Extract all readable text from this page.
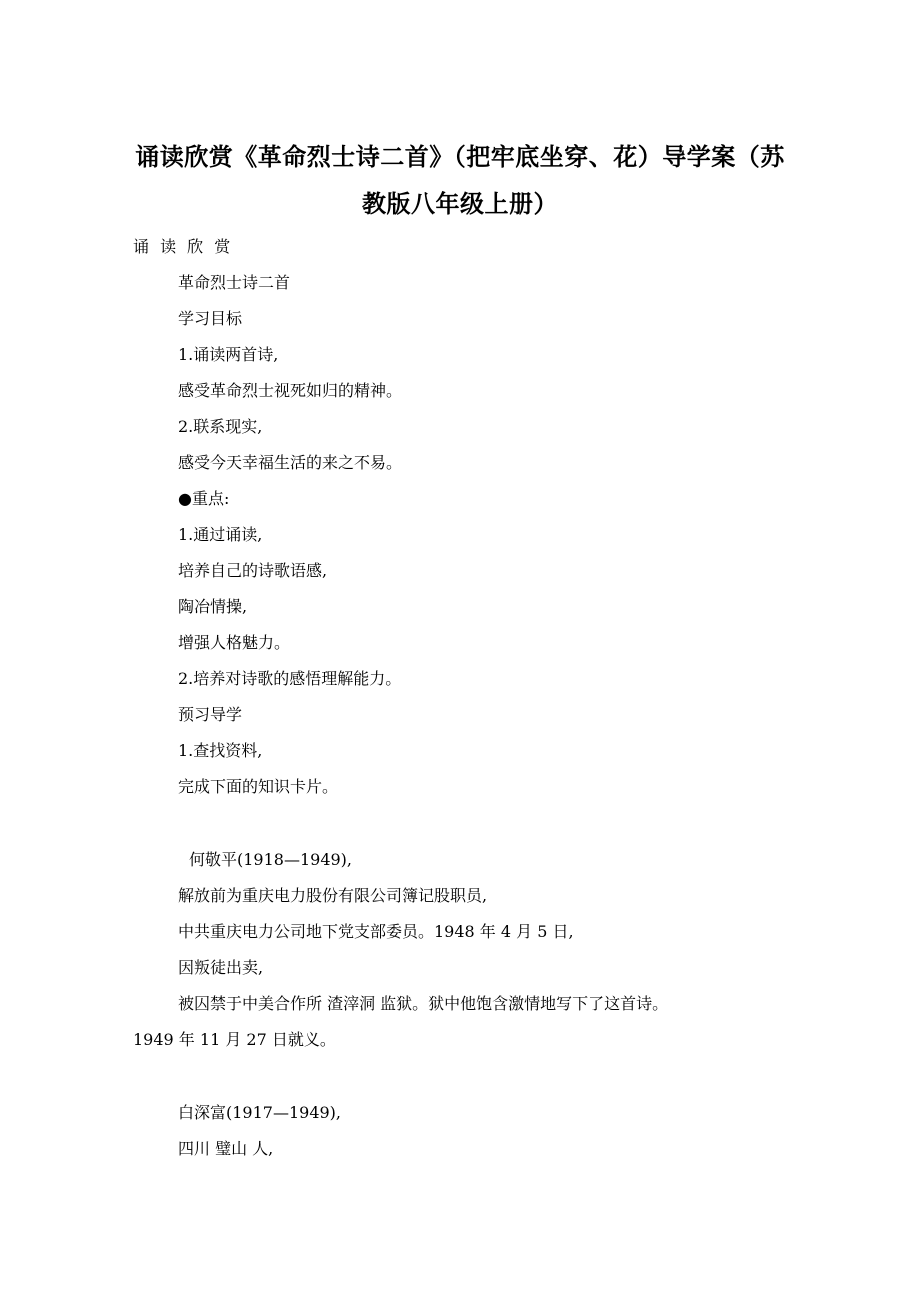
诵读欣赏《革命烈士诗二首》（把牢底坐穿、花）导学案（苏
教版八年级上册）
诵 读 欣 赏
革命烈士诗二首
学习目标
1.诵读两首诗,
感受革命烈士视死如归的精神。
2.联系现实,
感受今天幸福生活的来之不易。
●重点:
1.通过诵读,
培养自己的诗歌语感,
陶冶情操,
增强人格魅力。
2.培养对诗歌的感悟理解能力。
预习导学
1.查找资料,
完成下面的知识卡片。
何敬平(1918—1949),
解放前为重庆电力股份有限公司簿记股职员,
中共重庆电力公司地下党支部委员。1948 年 4 月 5 日,
因叛徒出卖,
被囚禁于中美合作所 渣滓洞 监狱。狱中他饱含激情地写下了这首诗。
1949 年 11 月 27 日就义。
白深富(1917—1949),
四川 璧山 人,
